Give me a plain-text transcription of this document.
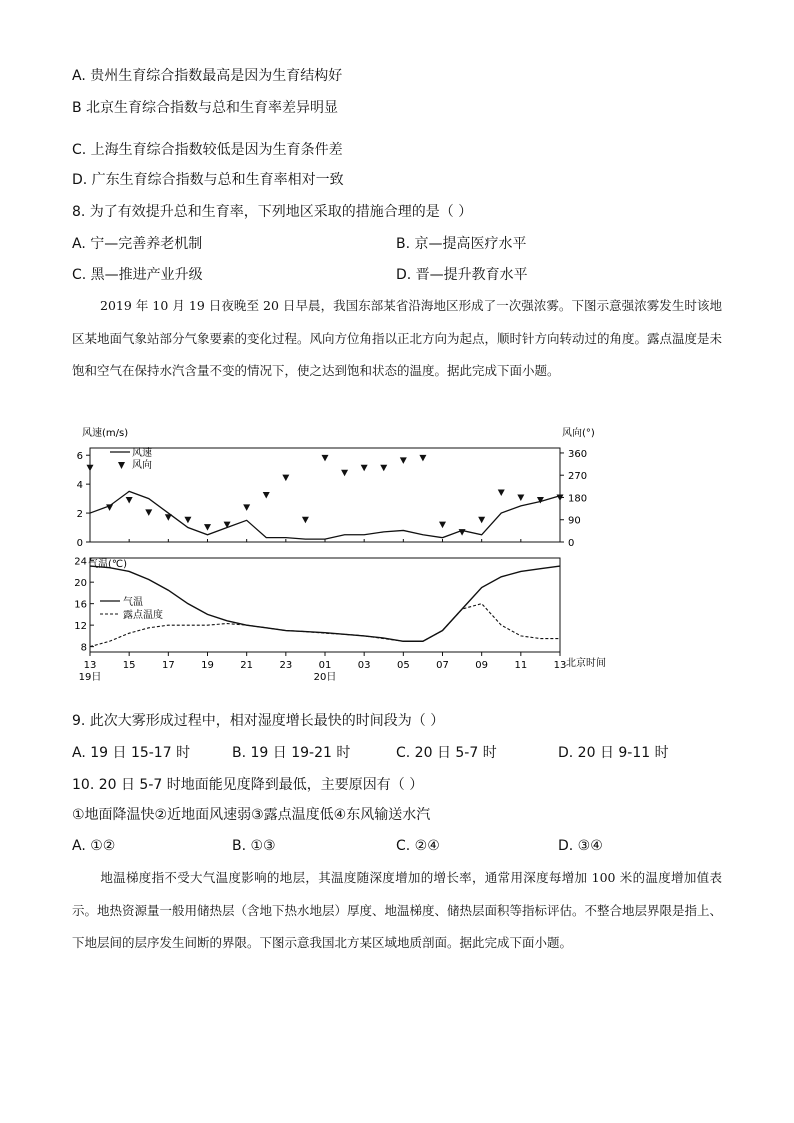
A. 贵州生育综合指数最高是因为生育结构好
B 北京生育综合指数与总和生育率差异明显
C. 上海生育综合指数较低是因为生育条件差
D. 广东生育综合指数与总和生育率相对一致
8. 为了有效提升总和生育率，下列地区采取的措施合理的是（ ）
A. 宁—完善养老机制	B. 京—提高医疗水平
C. 黑—推进产业升级	D. 晋—提升教育水平
2019 年 10 月 19 日夜晚至 20 日早晨，我国东部某省沿海地区形成了一次强浓雾。下图示意强浓雾发生时该地区某地面气象站部分气象要素的变化过程。风向方位角指以正北方向为起点，顺时针方向转动过的角度。露点温度是未饱和空气在保持水汽含量不变的情况下，使之达到饱和状态的温度。据此完成下面小题。
风速(m/s)	风向(°)
气温(℃)
0
2
4
6
0
90
180
270
360
8
12
16
20
24
13	15	17	19	21	23	01	03	05	07	09	11	13
19日	20日
北京时间
风速
风向
气温
露点温度
9. 此次大雾形成过程中，相对湿度增长最快的时间段为（ ）
A. 19 日 15-17 时	B. 19 日 19-21 时	C. 20 日 5-7 时	D. 20 日 9-11 时
10. 20 日 5-7 时地面能见度降到最低，主要原因有（ ）
①地面降温快②近地面风速弱③露点温度低④东风输送水汽
A. ①②	B. ①③	C. ②④	D. ③④
地温梯度指不受大气温度影响的地层，其温度随深度增加的增长率，通常用深度每增加 100 米的温度增加值表示。地热资源量一般用储热层（含地下热水地层）厚度、地温梯度、储热层面积等指标评估。不整合地层界限是指上、下地层间的层序发生间断的界限。下图示意我国北方某区域地质剖面。据此完成下面小题。
